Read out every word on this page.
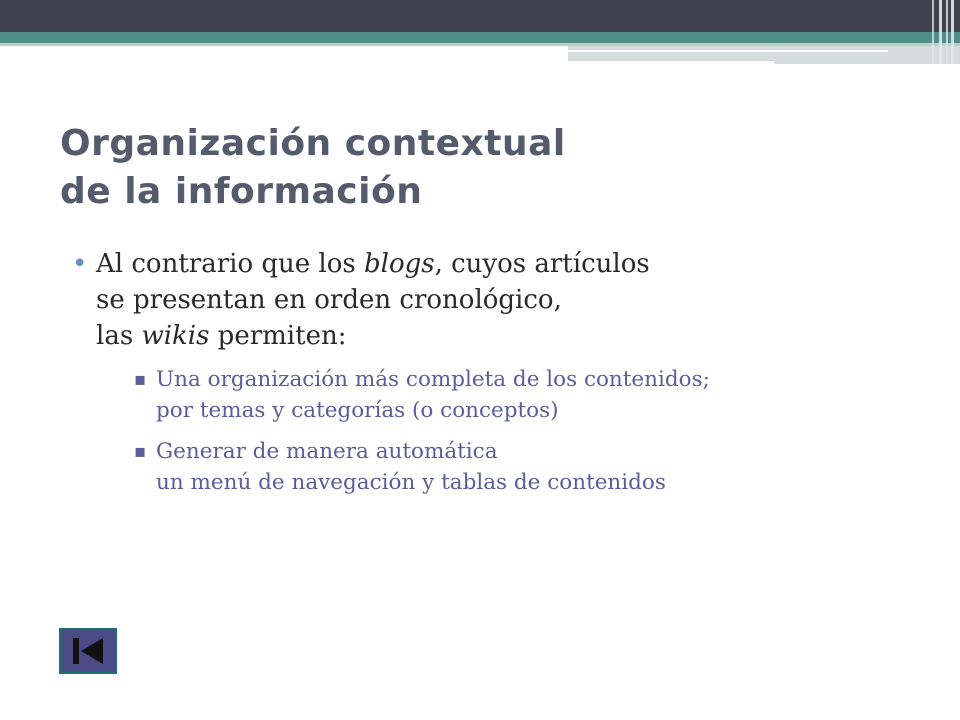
Organización contextual
de la información
• Al contrario que los blogs, cuyos artículos
se presentan en orden cronológico,
las wikis permiten:
▪ Una organización más completa de los contenidos;
por temas y categorías (o conceptos)
▪ Generar de manera automática
un menú de navegación y tablas de contenidos
